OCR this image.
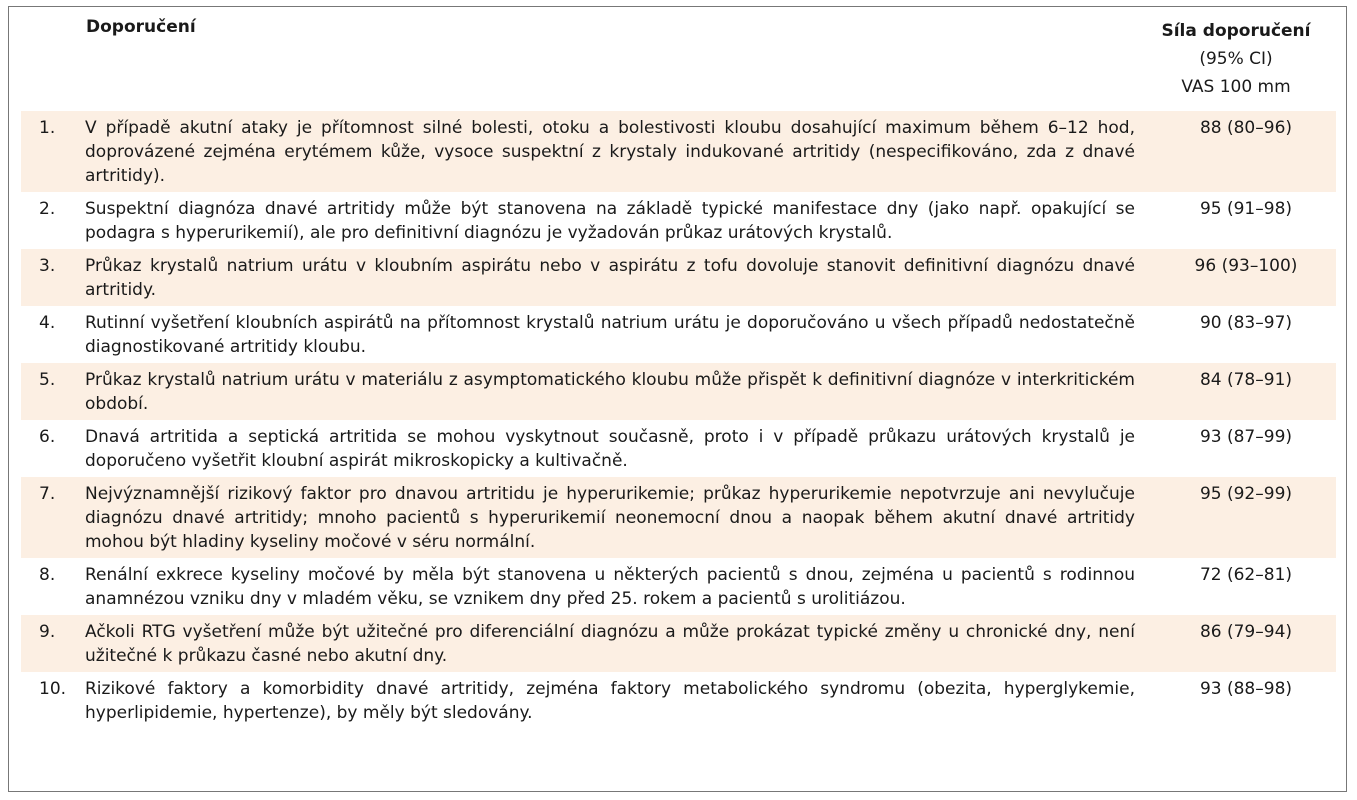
Doporučení	Síla doporučení
(95% CI)
VAS 100 mm
1. V případě akutní ataky je přítomnost silné bolesti, otoku a bolestivosti kloubu dosahující maximum během 6–12 hod, doprovázené zejména erytémem kůže, vysoce suspektní z krystaly indukované artritidy (nespecifikováno, zda z dnavé artritidy).
88 (80–96)
2. Suspektní diagnóza dnavé artritidy může být stanovena na základě typické manifestace dny (jako např. opakující se podagra s hyperurikemií), ale pro definitivní diagnózu je vyžadován průkaz urátových krystalů.
95 (91–98)
3. Průkaz krystalů natrium urátu v kloubním aspirátu nebo v aspirátu z tofu dovoluje stanovit definitivní diagnózu dnavé artritidy.
96 (93–100)
4. Rutinní vyšetření kloubních aspirátů na přítomnost krystalů natrium urátu je doporučováno u všech případů nedostatečně diagnostikované artritidy kloubu.
90 (83–97)
5. Průkaz krystalů natrium urátu v materiálu z asymptomatického kloubu může přispět k definitivní diagnóze v interkritickém období.
84 (78–91)
6. Dnavá artritida a septická artritida se mohou vyskytnout současně, proto i v případě průkazu urátových krystalů je doporučeno vyšetřit kloubní aspirát mikroskopicky a kultivačně.
93 (87–99)
7. Nejvýznamnější rizikový faktor pro dnavou artritidu je hyperurikemie; průkaz hyperurikemie nepotvrzuje ani nevylučuje diagnózu dnavé artritidy; mnoho pacientů s hyperurikemií neonemocní dnou a naopak během akutní dnavé artritidy mohou být hladiny kyseliny močové v séru normální.
95 (92–99)
8. Renální exkrece kyseliny močové by měla být stanovena u některých pacientů s dnou, zejména u pacientů s rodinnou anamnézou vzniku dny v mladém věku, se vznikem dny před 25. rokem a pacientů s urolitiázou.
72 (62–81)
9. Ačkoli RTG vyšetření může být užitečné pro diferenciální diagnózu a může prokázat typické změny u chronické dny, není užitečné k průkazu časné nebo akutní dny.
86 (79–94)
10. Rizikové faktory a komorbidity dnavé artritidy, zejména faktory metabolického syndromu (obezita, hyperglykemie, hyperlipidemie, hypertenze), by měly být sledovány.
93 (88–98)
